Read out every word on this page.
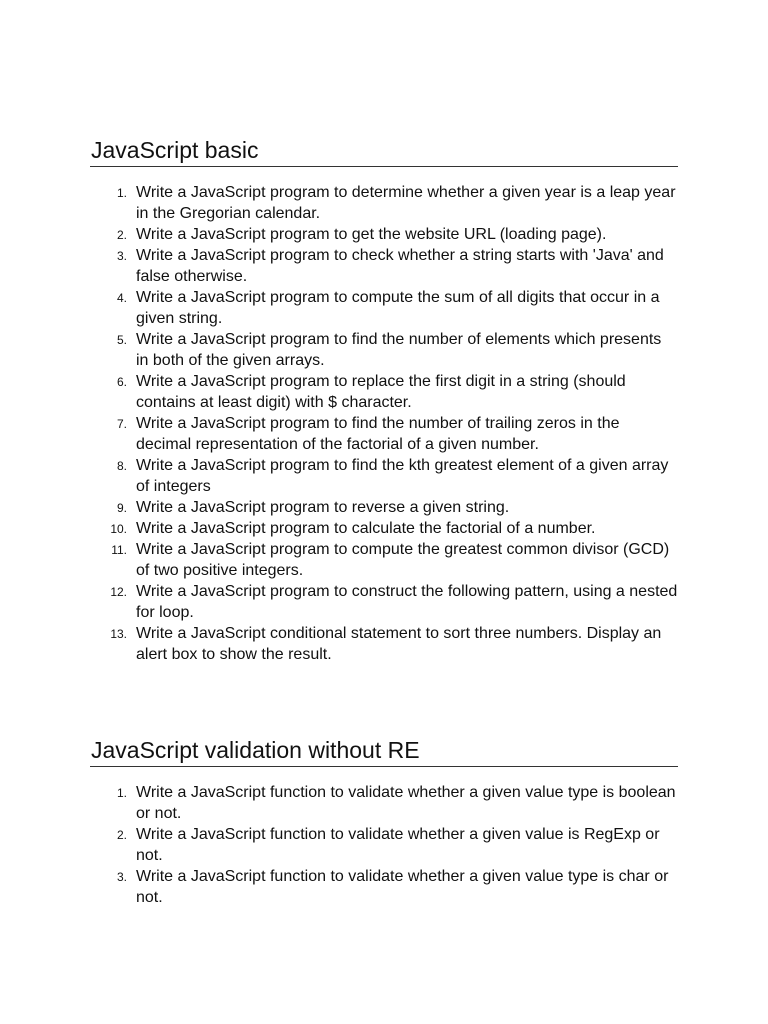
JavaScript basic
1. Write a JavaScript program to determine whether a given year is a leap year in the Gregorian calendar.
2. Write a JavaScript program to get the website URL (loading page).
3. Write a JavaScript program to check whether a string starts with 'Java' and false otherwise.
4. Write a JavaScript program to compute the sum of all digits that occur in a given string.
5. Write a JavaScript program to find the number of elements which presents in both of the given arrays.
6. Write a JavaScript program to replace the first digit in a string (should contains at least digit) with $ character.
7. Write a JavaScript program to find the number of trailing zeros in the decimal representation of the factorial of a given number.
8. Write a JavaScript program to find the kth greatest element of a given array of integers
9. Write a JavaScript program to reverse a given string.
10. Write a JavaScript program to calculate the factorial of a number.
11. Write a JavaScript program to compute the greatest common divisor (GCD) of two positive integers.
12. Write a JavaScript program to construct the following pattern, using a nested for loop.
13. Write a JavaScript conditional statement to sort three numbers. Display an alert box to show the result.
JavaScript validation without RE
1. Write a JavaScript function to validate whether a given value type is boolean or not.
2. Write a JavaScript function to validate whether a given value is RegExp or not.
3. Write a JavaScript function to validate whether a given value type is char or not.
